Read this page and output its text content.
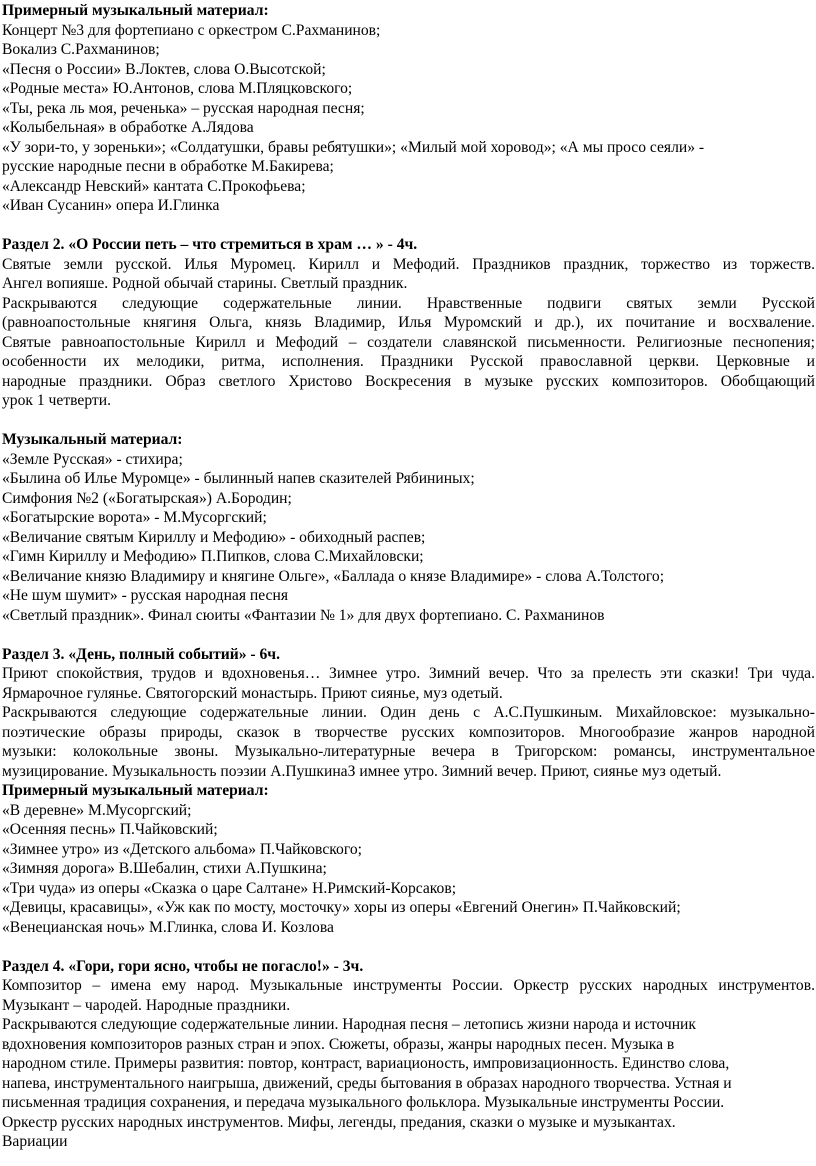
Примерный музыкальный материал:
Концерт №3 для фортепиано с оркестром С.Рахманинов;
Вокализ С.Рахманинов;
«Песня о России» В.Локтев, слова О.Высотской;
«Родные места» Ю.Антонов, слова М.Пляцковского;
«Ты, река ль моя, реченька» – русская народная песня;
«Колыбельная» в обработке А.Лядова
«У зори-то, у зореньки»; «Солдатушки, бравы ребятушки»; «Милый мой хоровод»; «А мы просо сеяли» -
русские народные песни в обработке М.Бакирева;
«Александр Невский» кантата С.Прокофьева;
«Иван Сусанин» опера И.Глинка
Раздел 2. «О России петь – что стремиться в храм … » - 4ч.
Святые земли русской. Илья Муромец. Кирилл и Мефодий. Праздников праздник, торжество из торжеств.
Ангел вопияше. Родной обычай старины. Светлый праздник.
Раскрываются следующие содержательные линии. Нравственные подвиги святых земли Русской
(равноапостольные княгиня Ольга, князь Владимир, Илья Муромский и др.), их почитание и восхваление.
Святые равноапостольные Кирилл и Мефодий – создатели славянской письменности. Религиозные песнопения;
особенности их мелодики, ритма, исполнения. Праздники Русской православной церкви. Церковные и
народные праздники. Образ светлого Христово Воскресения в музыке русских композиторов. Обобщающий
урок 1 четверти.
Музыкальный материал:
«Земле Русская» - стихира;
«Былина об Илье Муромце» - былинный напев сказителей Рябининых;
Симфония №2 («Богатырская») А.Бородин;
«Богатырские ворота» - М.Мусоргский;
«Величание святым Кириллу и Мефодию» - обиходный распев;
«Гимн Кириллу и Мефодию» П.Пипков, слова С.Михайловски;
«Величание князю Владимиру и княгине Ольге», «Баллада о князе Владимире» - слова А.Толстого;
«Не шум шумит» - русская народная песня
«Светлый праздник». Финал сюиты «Фантазии № 1» для двух фортепиано. С. Рахманинов
Раздел 3. «День, полный событий» - 6ч.
Приют спокойствия, трудов и вдохновенья… Зимнее утро. Зимний вечер. Что за прелесть эти сказки! Три чуда.
Ярмарочное гулянье. Святогорский монастырь. Приют сиянье, муз одетый.
Раскрываются следующие содержательные линии. Один день с А.С.Пушкиным. Михайловское: музыкально-
поэтические образы природы, сказок в творчестве русских композиторов. Многообразие жанров народной
музыки: колокольные звоны. Музыкально-литературные вечера в Тригорском: романсы, инструментальное
музицирование. Музыкальность поэзии А.ПушкинаЗ имнее утро. Зимний вечер. Приют, сиянье муз одетый.
Примерный музыкальный материал:
«В деревне» М.Мусоргский;
«Осенняя песнь» П.Чайковский;
«Зимнее утро» из «Детского альбома» П.Чайковского;
«Зимняя дорога» В.Шебалин, стихи А.Пушкина;
«Три чуда» из оперы «Сказка о царе Салтане» Н.Римский-Корсаков;
«Девицы, красавицы», «Уж как по мосту, мосточку» хоры из оперы «Евгений Онегин» П.Чайковский;
«Венецианская ночь» М.Глинка, слова И. Козлова
Раздел 4. «Гори, гори ясно, чтобы не погасло!» - 3ч.
Композитор – имена ему народ. Музыкальные инструменты России. Оркестр русских народных инструментов.
Музыкант – чародей. Народные праздники.
Раскрываются следующие содержательные линии. Народная песня – летопись жизни народа и источник
вдохновения композиторов разных стран и эпох. Сюжеты, образы, жанры народных песен. Музыка в
народном стиле. Примеры развития: повтор, контраст, вариационость, импровизационность. Единство слова,
напева, инструментального наигрыша, движений, среды бытования в образах народного творчества. Устная и
письменная традиция сохранения, и передача музыкального фольклора. Музыкальные инструменты России.
Оркестр русских народных инструментов. Мифы, легенды, предания, сказки о музыке и музыкантах.
Вариации
